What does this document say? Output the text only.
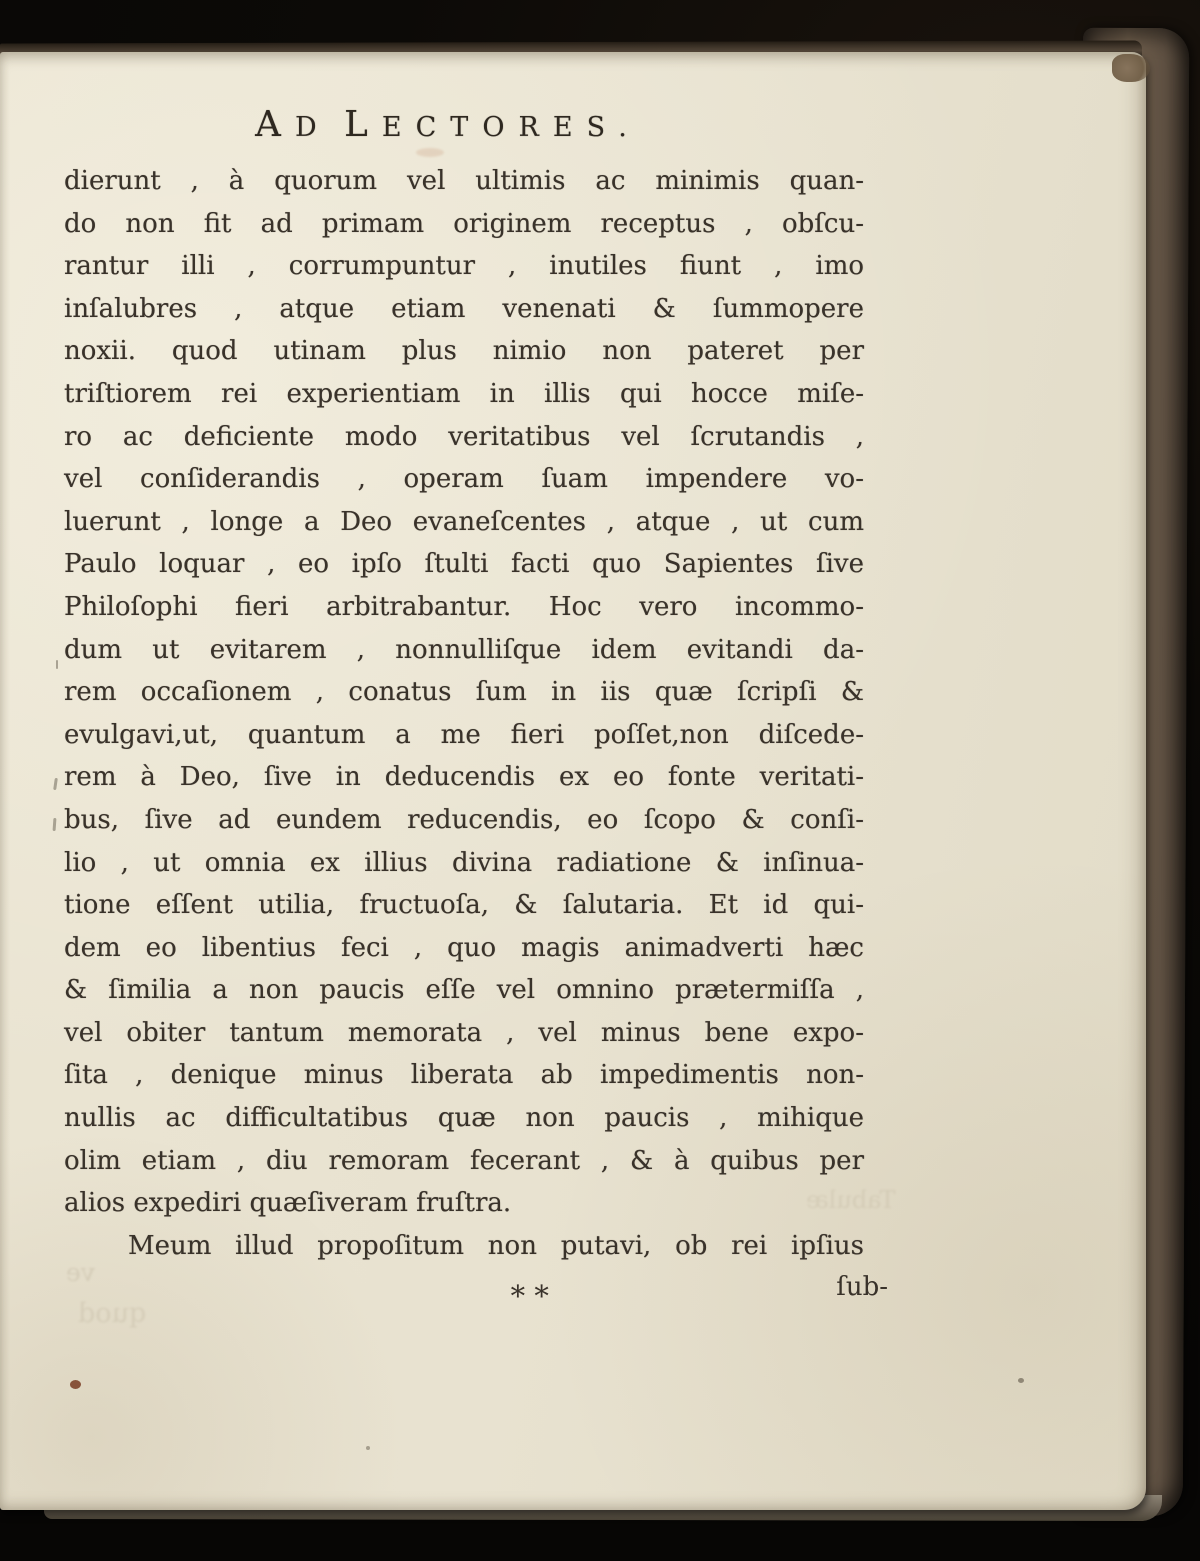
AD LECTORES.
dierunt , à quorum vel ultimis ac minimis quan-
do non fit ad primam originem receptus , obſcu-
rantur illi , corrumpuntur , inutiles fiunt , imo
inſalubres , atque etiam venenati & ſummopere
noxii. quod utinam plus nimio non pateret per
triſtiorem rei experientiam in illis qui hocce miſe-
ro ac deficiente modo veritatibus vel ſcrutandis ,
vel conſiderandis , operam ſuam impendere vo-
luerunt , longe a Deo evaneſcentes , atque , ut cum
Paulo loquar , eo ipſo ſtulti facti quo Sapientes ſive
Philoſophi fieri arbitrabantur. Hoc vero incommo-
dum ut evitarem , nonnulliſque idem evitandi da-
rem occaſionem , conatus ſum in iis quæ ſcripſi &
evulgavi,ut, quantum a me fieri poſſet,non diſcede-
rem à Deo, ſive in deducendis ex eo fonte veritati-
bus, ſive ad eundem reducendis, eo ſcopo & conſi-
lio , ut omnia ex illius divina radiatione & inſinua-
tione eſſent utilia, fructuoſa, & ſalutaria. Et id qui-
dem eo libentius feci , quo magis animadverti hæc
& ſimilia a non paucis eſſe vel omnino prætermiſſa ,
vel obiter tantum memorata , vel minus bene expo-
ſita , denique minus liberata ab impedimentis non-
nullis ac difficultatibus quæ non paucis , mihique
olim etiam , diu remoram fecerant , & à quibus per
alios expediri quæſiveram fruſtra.
Meum illud propoſitum non putavi, ob rei ipſius
∗∗	ſub-
ve
quod
Tabulæ
